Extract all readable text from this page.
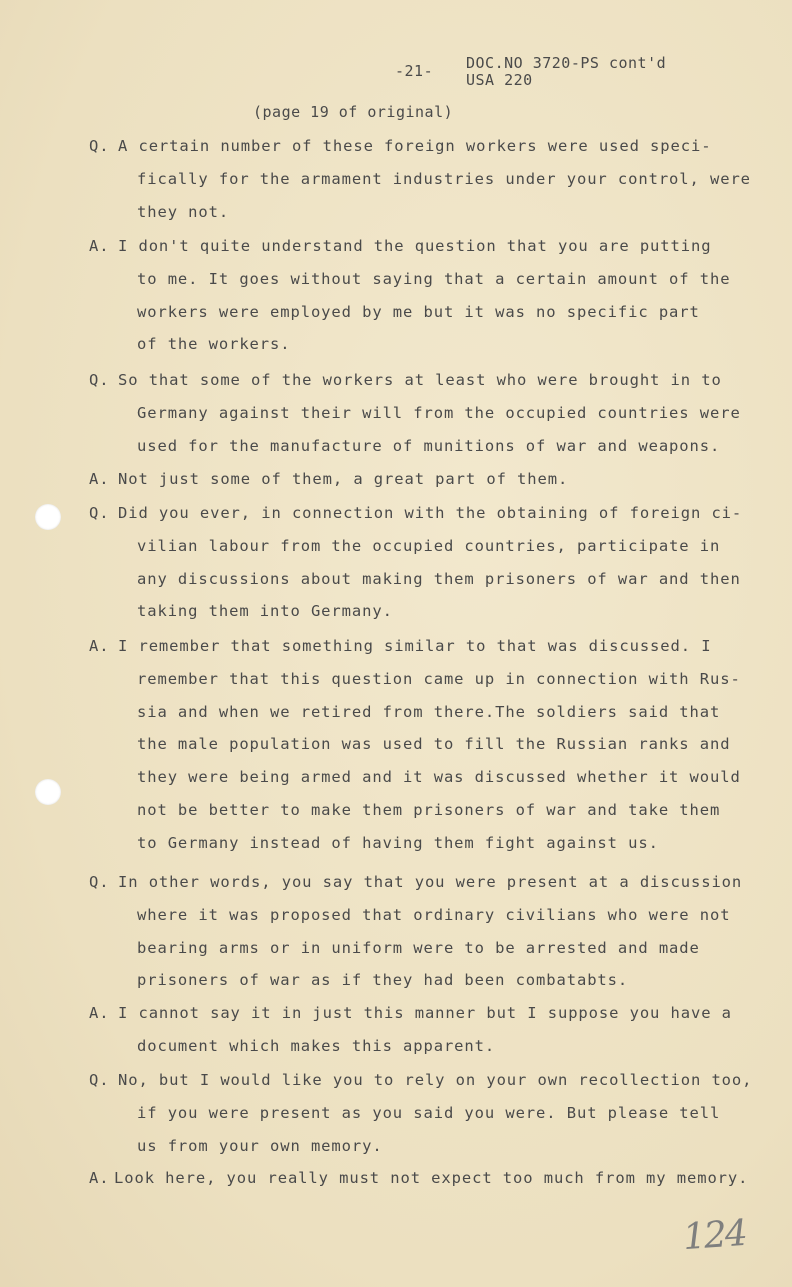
-21- DOC.NO 3720-PS cont'd
USA 220
(page 19 of original)
Q. A certain number of these foreign workers were used speci-
fically for the armament industries under your control, were
they not.
A. I don't quite understand the question that you are putting
to me. It goes without saying that a certain amount of the
workers were employed by me but it was no specific part
of the workers.
Q. So that some of the workers at least who were brought in to
Germany against their will from the occupied countries were
used for the manufacture of munitions of war and weapons.
A. Not just some of them, a great part of them.
Q. Did you ever, in connection with the obtaining of foreign ci-
vilian labour from the occupied countries, participate in
any discussions about making them prisoners of war and then
taking them into Germany.
A. I remember that something similar to that was discussed. I
remember that this question came up in connection with Rus-
sia and when we retired from there.The soldiers said that
the male population was used to fill the Russian ranks and
they were being armed and it was discussed whether it would
not be better to make them prisoners of war and take them
to Germany instead of having them fight against us.
Q. In other words, you say that you were present at a discussion
where it was proposed that ordinary civilians who were not
bearing arms or in uniform were to be arrested and made
prisoners of war as if they had been combatabts.
A. I cannot say it in just this manner but I suppose you have a
document which makes this apparent.
Q. No, but I would like you to rely on your own recollection too,
if you were present as you said you were. But please tell
us from your own memory.
A. Look here, you really must not expect too much from my memory.
124
